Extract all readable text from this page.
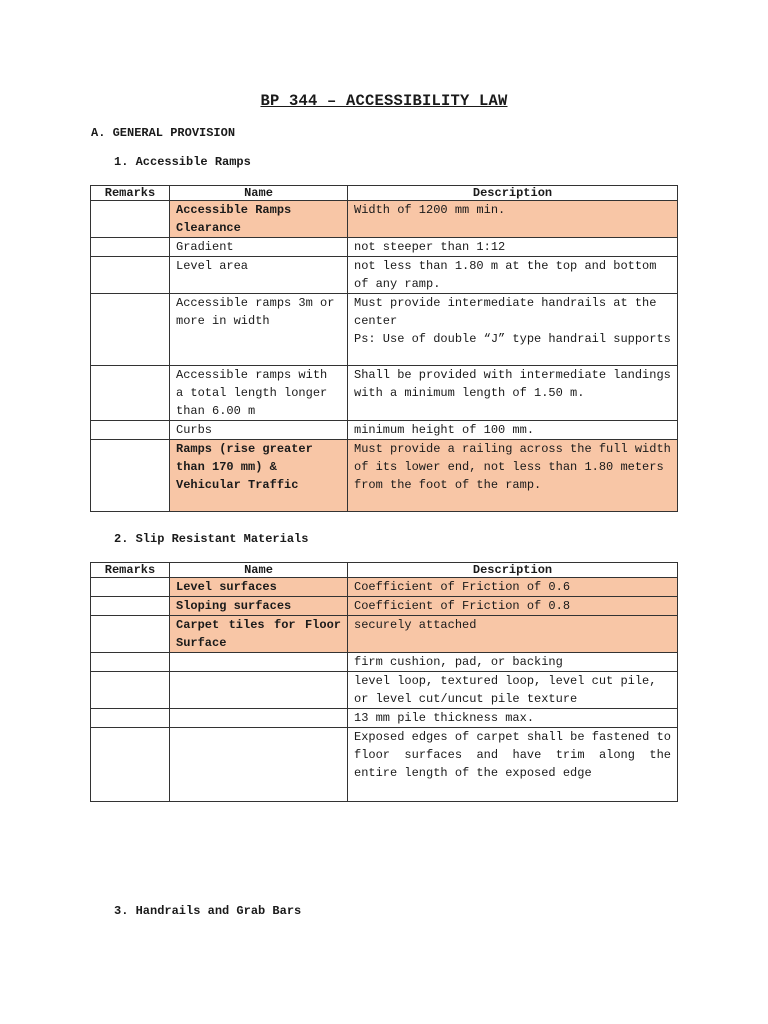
BP 344 – ACCESSIBILITY LAW
A. GENERAL PROVISION
1. Accessible Ramps
Remarks	Name	Description
	Accessible Ramps Clearance	Width of 1200 mm min.
	Gradient	not steeper than 1:12
	Level area	not less than 1.80 m at the top and bottom of any ramp.
	Accessible ramps 3m or more in width	Must provide intermediate handrails at the center
Ps: Use of double “J” type handrail supports
	Accessible ramps with a total length longer than 6.00 m	Shall be provided with intermediate landings with a minimum length of 1.50 m.
	Curbs	minimum height of 100 mm.
	Ramps (rise greater than 170 mm) & Vehicular Traffic	Must provide a railing across the full width of its lower end, not less than 1.80 meters from the foot of the ramp.
2. Slip Resistant Materials
Remarks	Name	Description
	Level surfaces	Coefficient of Friction of 0.6
	Sloping surfaces	Coefficient of Friction of 0.8
	Carpet tiles for Floor Surface	securely attached
		firm cushion, pad, or backing
		level loop, textured loop, level cut pile, or level cut/uncut pile texture
		13 mm pile thickness max.
		Exposed edges of carpet shall be fastened to floor surfaces and have trim along the entire length of the exposed edge
3. Handrails and Grab Bars
